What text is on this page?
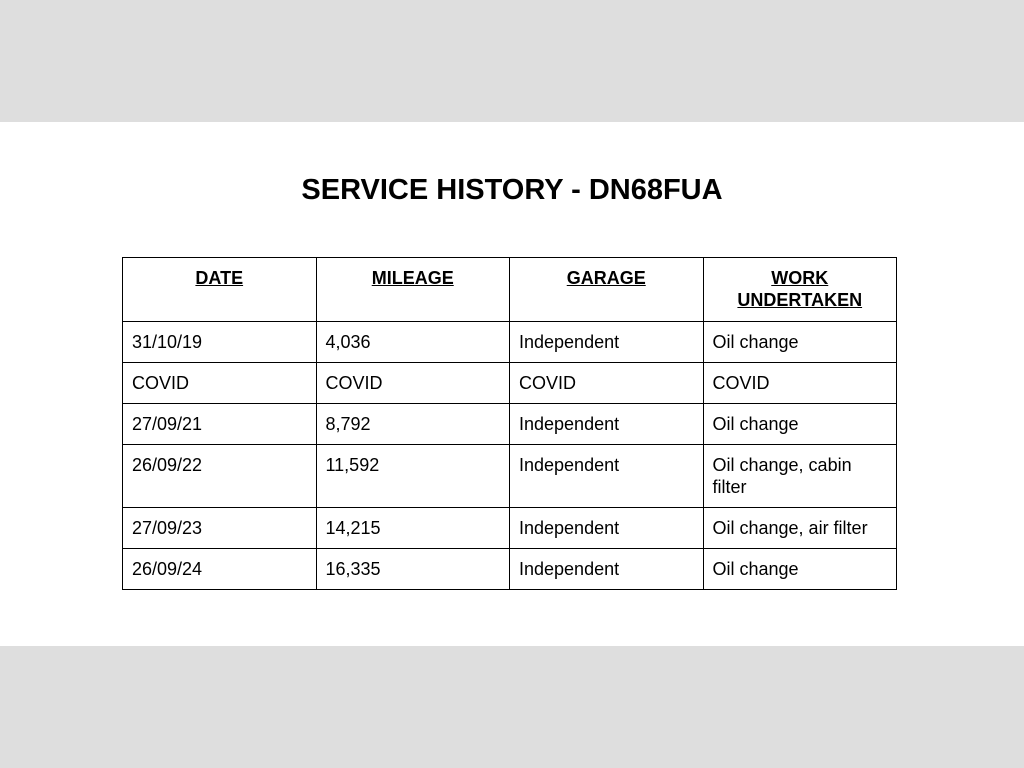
SERVICE HISTORY - DN68FUA
DATE	MILEAGE	GARAGE	WORK UNDERTAKEN
31/10/19	4,036	Independent	Oil change
COVID	COVID	COVID	COVID
27/09/21	8,792	Independent	Oil change
26/09/22	11,592	Independent	Oil change, cabin filter
27/09/23	14,215	Independent	Oil change, air filter
26/09/24	16,335	Independent	Oil change
